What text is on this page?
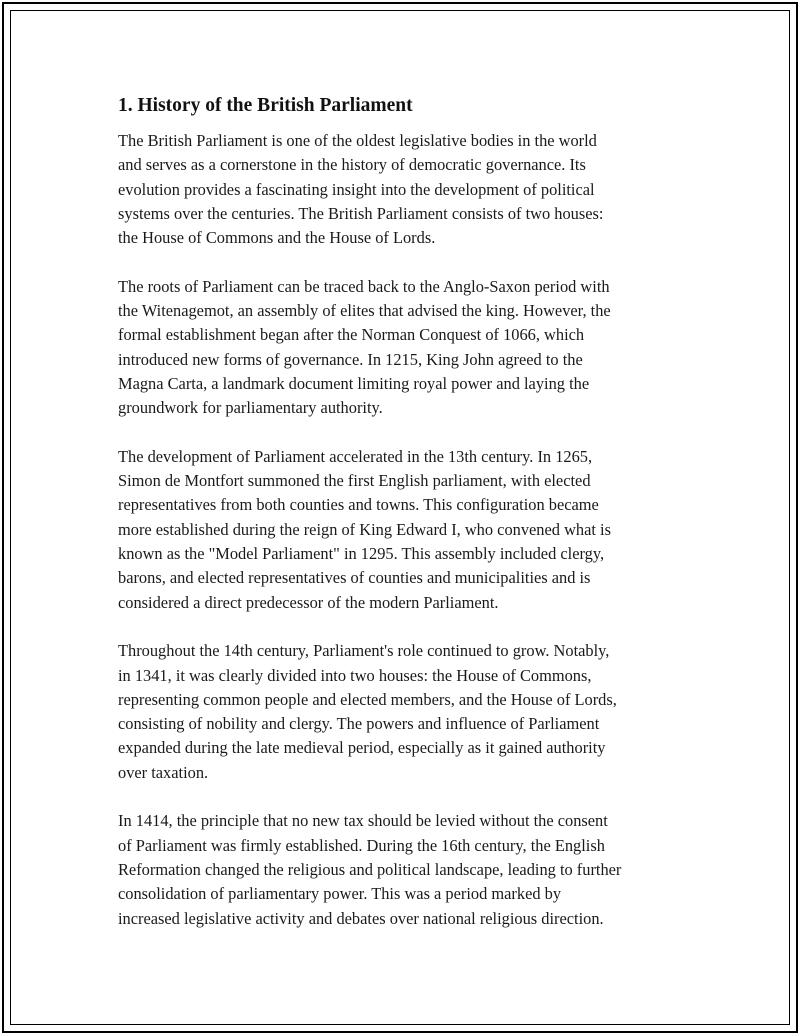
1. History of the British Parliament

The British Parliament is one of the oldest legislative bodies in the world
and serves as a cornerstone in the history of democratic governance. Its
evolution provides a fascinating insight into the development of political
systems over the centuries. The British Parliament consists of two houses:
the House of Commons and the House of Lords.

The roots of Parliament can be traced back to the Anglo-Saxon period with
the Witenagemot, an assembly of elites that advised the king. However, the
formal establishment began after the Norman Conquest of 1066, which
introduced new forms of governance. In 1215, King John agreed to the
Magna Carta, a landmark document limiting royal power and laying the
groundwork for parliamentary authority.

The development of Parliament accelerated in the 13th century. In 1265,
Simon de Montfort summoned the first English parliament, with elected
representatives from both counties and towns. This configuration became
more established during the reign of King Edward I, who convened what is
known as the "Model Parliament" in 1295. This assembly included clergy,
barons, and elected representatives of counties and municipalities and is
considered a direct predecessor of the modern Parliament.

Throughout the 14th century, Parliament's role continued to grow. Notably,
in 1341, it was clearly divided into two houses: the House of Commons,
representing common people and elected members, and the House of Lords,
consisting of nobility and clergy. The powers and influence of Parliament
expanded during the late medieval period, especially as it gained authority
over taxation.

In 1414, the principle that no new tax should be levied without the consent
of Parliament was firmly established. During the 16th century, the English
Reformation changed the religious and political landscape, leading to further
consolidation of parliamentary power. This was a period marked by
increased legislative activity and debates over national religious direction.
